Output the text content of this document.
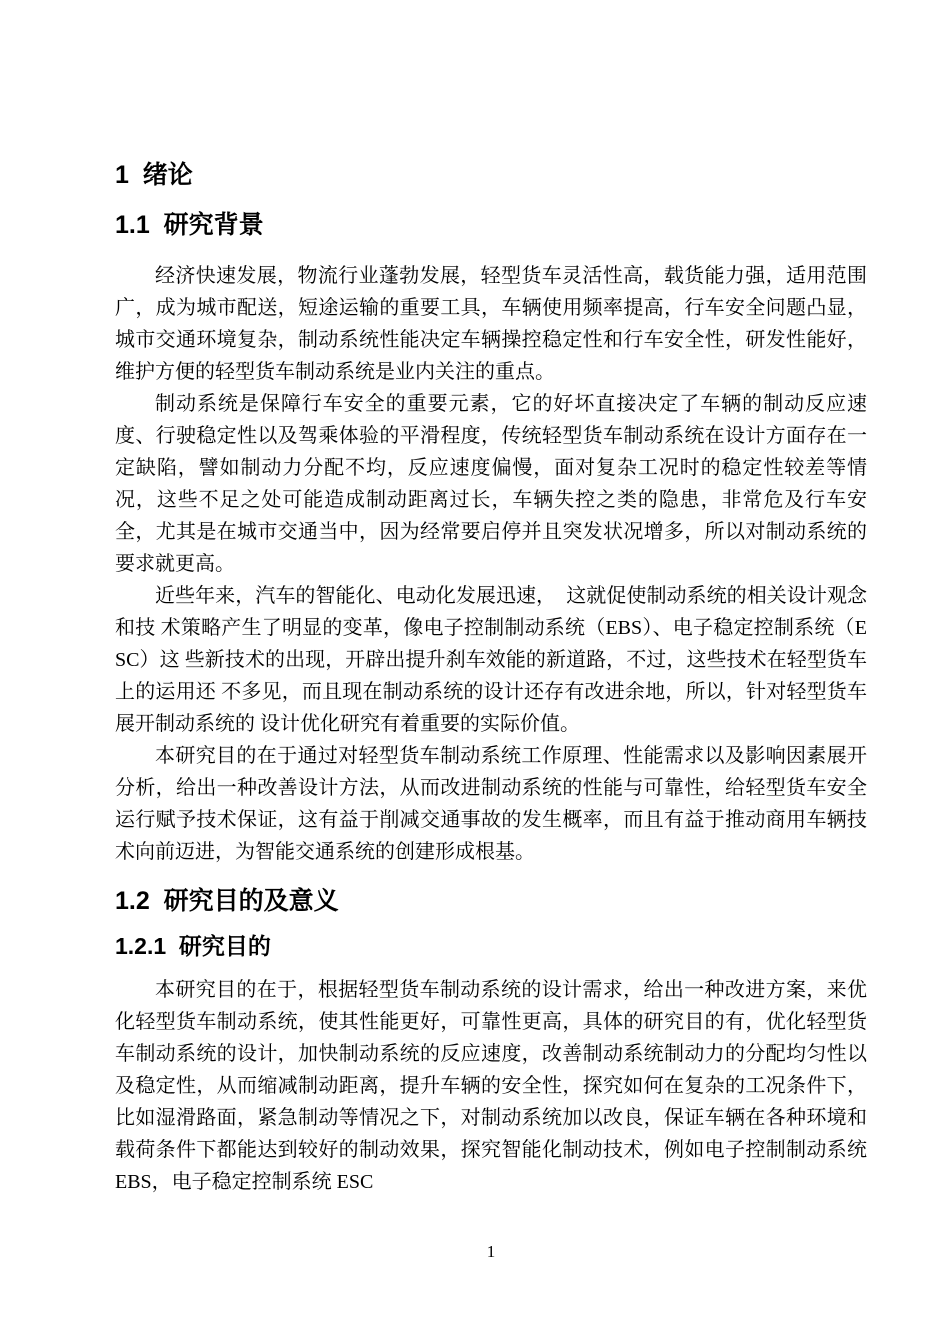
1  绪论
1.1  研究背景

经济快速发展，物流行业蓬勃发展，轻型货车灵活性高，载货能力强，适用范围广，成为城市配送，短途运输的重要工具，车辆使用频率提高，行车安全问题凸显，城市交通环境复杂，制动系统性能决定车辆操控稳定性和行车安全性，研发性能好，维护方便的轻型货车制动系统是业内关注的重点。

制动系统是保障行车安全的重要元素，它的好坏直接决定了车辆的制动反应速度、行驶稳定性以及驾乘体验的平滑程度，传统轻型货车制动系统在设计方面存在一定缺陷，譬如制动力分配不均，反应速度偏慢，面对复杂工况时的稳定性较差等情况，这些不足之处可能造成制动距离过长，车辆失控之类的隐患，非常危及行车安全，尤其是在城市交通当中，因为经常要启停并且突发状况增多，所以对制动系统的要求就更高。

近些年来，汽车的智能化、电动化发展迅速，  这就促使制动系统的相关设计观念和技 术策略产生了明显的变革，像电子控制制动系统（EBS）、电子稳定控制系统（ESC）这 些新技术的出现，开辟出提升刹车效能的新道路，不过，这些技术在轻型货车上的运用还 不多见，而且现在制动系统的设计还存有改进余地，所以，针对轻型货车展开制动系统的 设计优化研究有着重要的实际价值。

本研究目的在于通过对轻型货车制动系统工作原理、性能需求以及影响因素展开分析，给出一种改善设计方法，从而改进制动系统的性能与可靠性，给轻型货车安全运行赋予技术保证，这有益于削减交通事故的发生概率，而且有益于推动商用车辆技术向前迈进，为智能交通系统的创建形成根基。

1.2  研究目的及意义
1.2.1  研究目的

本研究目的在于，根据轻型货车制动系统的设计需求，给出一种改进方案，来优化轻型货车制动系统，使其性能更好，可靠性更高，具体的研究目的有，优化轻型货车制动系统的设计，加快制动系统的反应速度，改善制动系统制动力的分配均匀性以及稳定性，从而缩减制动距离，提升车辆的安全性，探究如何在复杂的工况条件下，比如湿滑路面，紧急制动等情况之下，对制动系统加以改良，保证车辆在各种环境和载荷条件下都能达到较好的制动效果，探究智能化制动技术，例如电子控制制动系统  EBS，电子稳定控制系统 ESC

1
